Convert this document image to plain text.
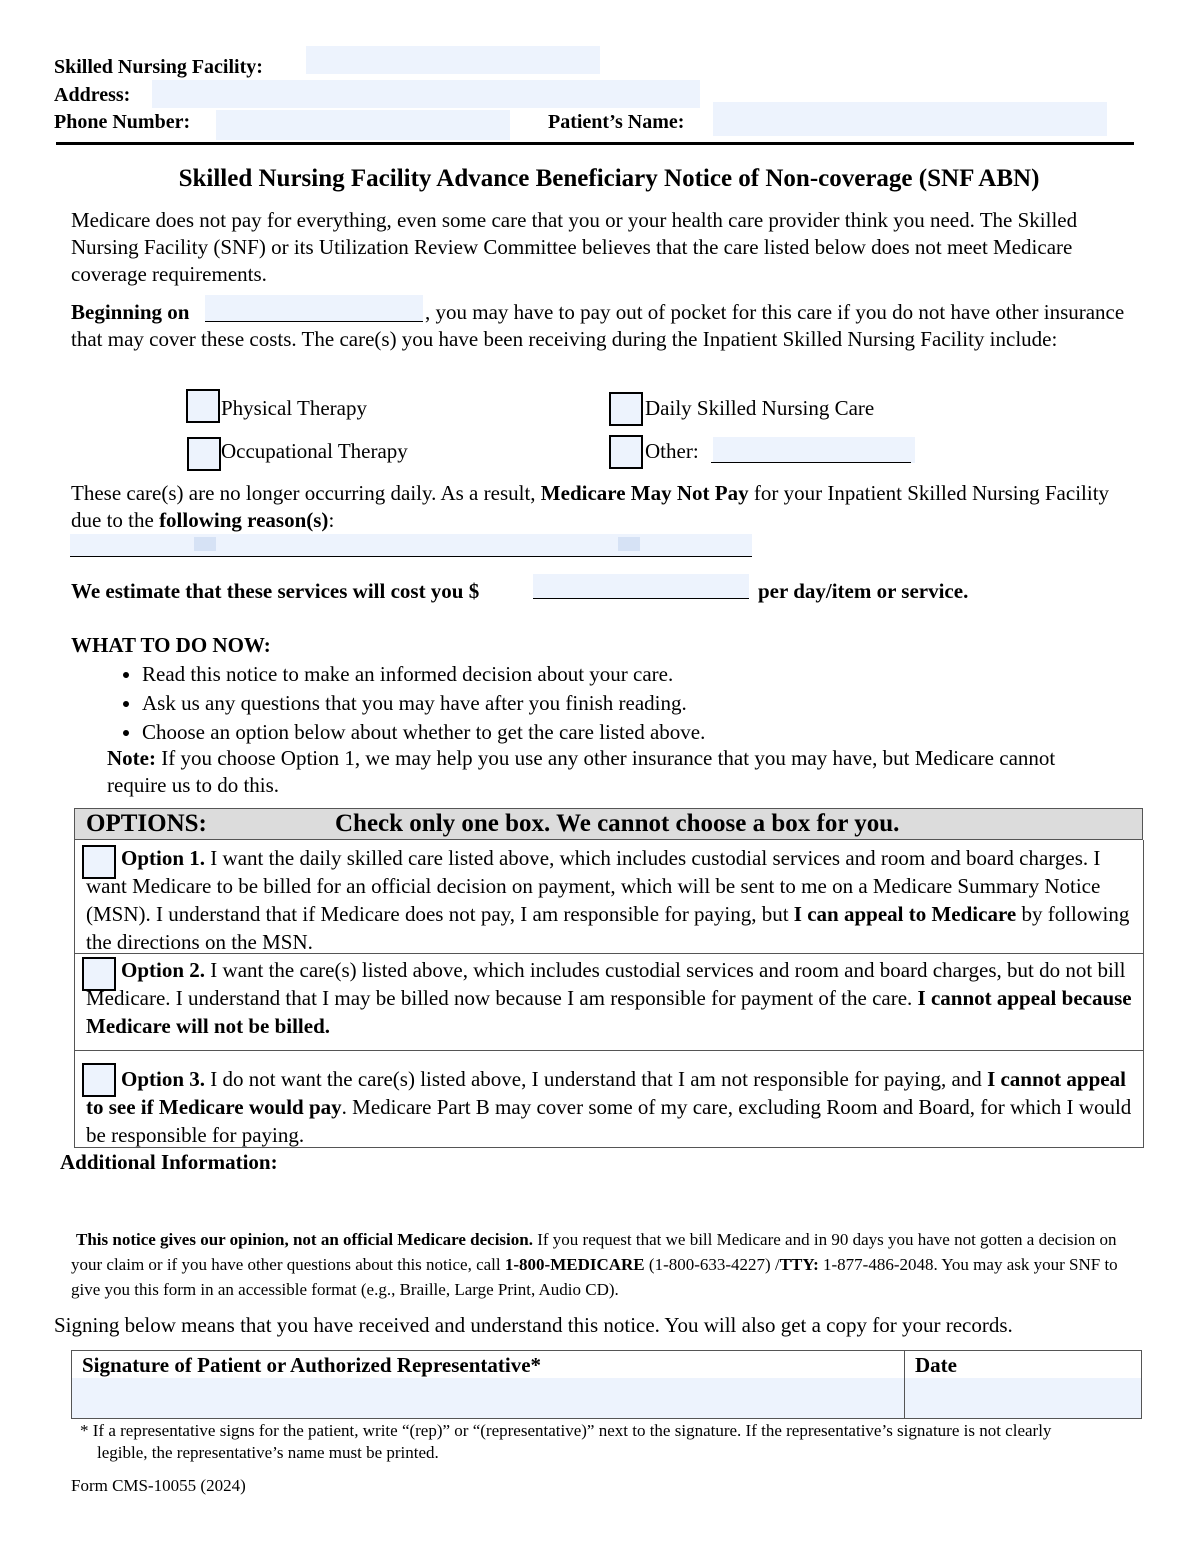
Skilled Nursing Facility:
Address:
Phone Number:	Patient’s Name:
Skilled Nursing Facility Advance Beneficiary Notice of Non-coverage (SNF ABN)
Medicare does not pay for everything, even some care that you or your health care provider think you need. The Skilled Nursing Facility (SNF) or its Utilization Review Committee believes that the care listed below does not meet Medicare coverage requirements.
Beginning on	, you may have to pay out of pocket for this care if you do not have other insurance that may cover these costs. The care(s) you have been receiving during the Inpatient Skilled Nursing Facility include:
Physical Therapy	Daily Skilled Nursing Care
Occupational Therapy	Other:
These care(s) are no longer occurring daily. As a result, Medicare May Not Pay for your Inpatient Skilled Nursing Facility due to the following reason(s):
We estimate that these services will cost you $	per day/item or service.
WHAT TO DO NOW:
• Read this notice to make an informed decision about your care.
• Ask us any questions that you may have after you finish reading.
• Choose an option below about whether to get the care listed above.
Note: If you choose Option 1, we may help you use any other insurance that you may have, but Medicare cannot require us to do this.
OPTIONS:	Check only one box. We cannot choose a box for you.
Option 1. I want the daily skilled care listed above, which includes custodial services and room and board charges. I want Medicare to be billed for an official decision on payment, which will be sent to me on a Medicare Summary Notice (MSN). I understand that if Medicare does not pay, I am responsible for paying, but I can appeal to Medicare by following the directions on the MSN.
Option 2. I want the care(s) listed above, which includes custodial services and room and board charges, but do not bill Medicare. I understand that I may be billed now because I am responsible for payment of the care. I cannot appeal because Medicare will not be billed.
Option 3. I do not want the care(s) listed above, I understand that I am not responsible for paying, and I cannot appeal to see if Medicare would pay. Medicare Part B may cover some of my care, excluding Room and Board, for which I would be responsible for paying.
Additional Information:
This notice gives our opinion, not an official Medicare decision. If you request that we bill Medicare and in 90 days you have not gotten a decision on your claim or if you have other questions about this notice, call 1-800-MEDICARE (1-800-633-4227) /TTY: 1-877-486-2048. You may ask your SNF to give you this form in an accessible format (e.g., Braille, Large Print, Audio CD).
Signing below means that you have received and understand this notice. You will also get a copy for your records.
Signature of Patient or Authorized Representative*	Date
* If a representative signs for the patient, write “(rep)” or “(representative)” next to the signature. If the representative’s signature is not clearly legible, the representative’s name must be printed.
Form CMS-10055 (2024)
